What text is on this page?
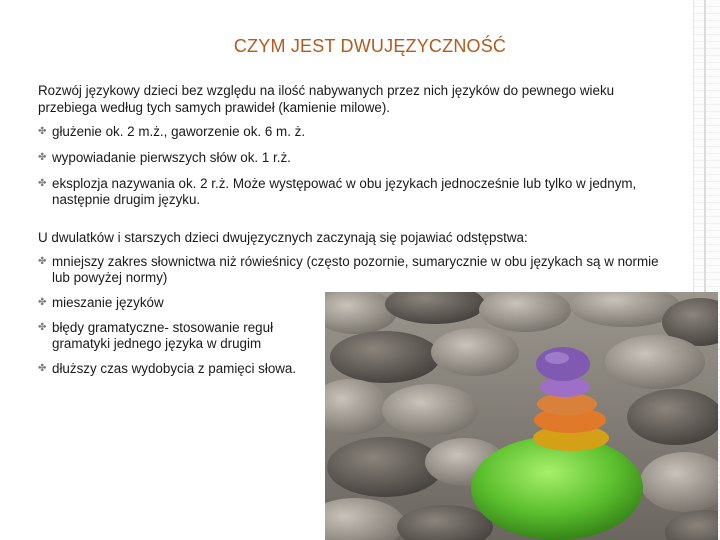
CZYM JEST DWUJĘZYCZNOŚĆ
Rozwój językowy dzieci bez względu na ilość nabywanych przez nich języków do pewnego wieku przebiega według tych samych prawideł (kamienie milowe).
✤ głużenie ok. 2 m.ż., gaworzenie ok. 6 m. ż.
✤ wypowiadanie pierwszych słów ok. 1 r.ż.
✤ eksplozja nazywania ok. 2 r.ż. Może występować w obu językach jednocześnie lub tylko w jednym, następnie drugim języku.
U dwulatków i starszych dzieci dwujęzycznych zaczynają się pojawiać odstępstwa:
✤ mniejszy zakres słownictwa niż rówieśnicy (często pozornie, sumarycznie w obu językach są w normie lub powyżej normy)
✤ mieszanie języków
✤ błędy gramatyczne- stosowanie reguł gramatyki jednego języka w drugim
✤ dłuższy czas wydobycia z pamięci słowa.
